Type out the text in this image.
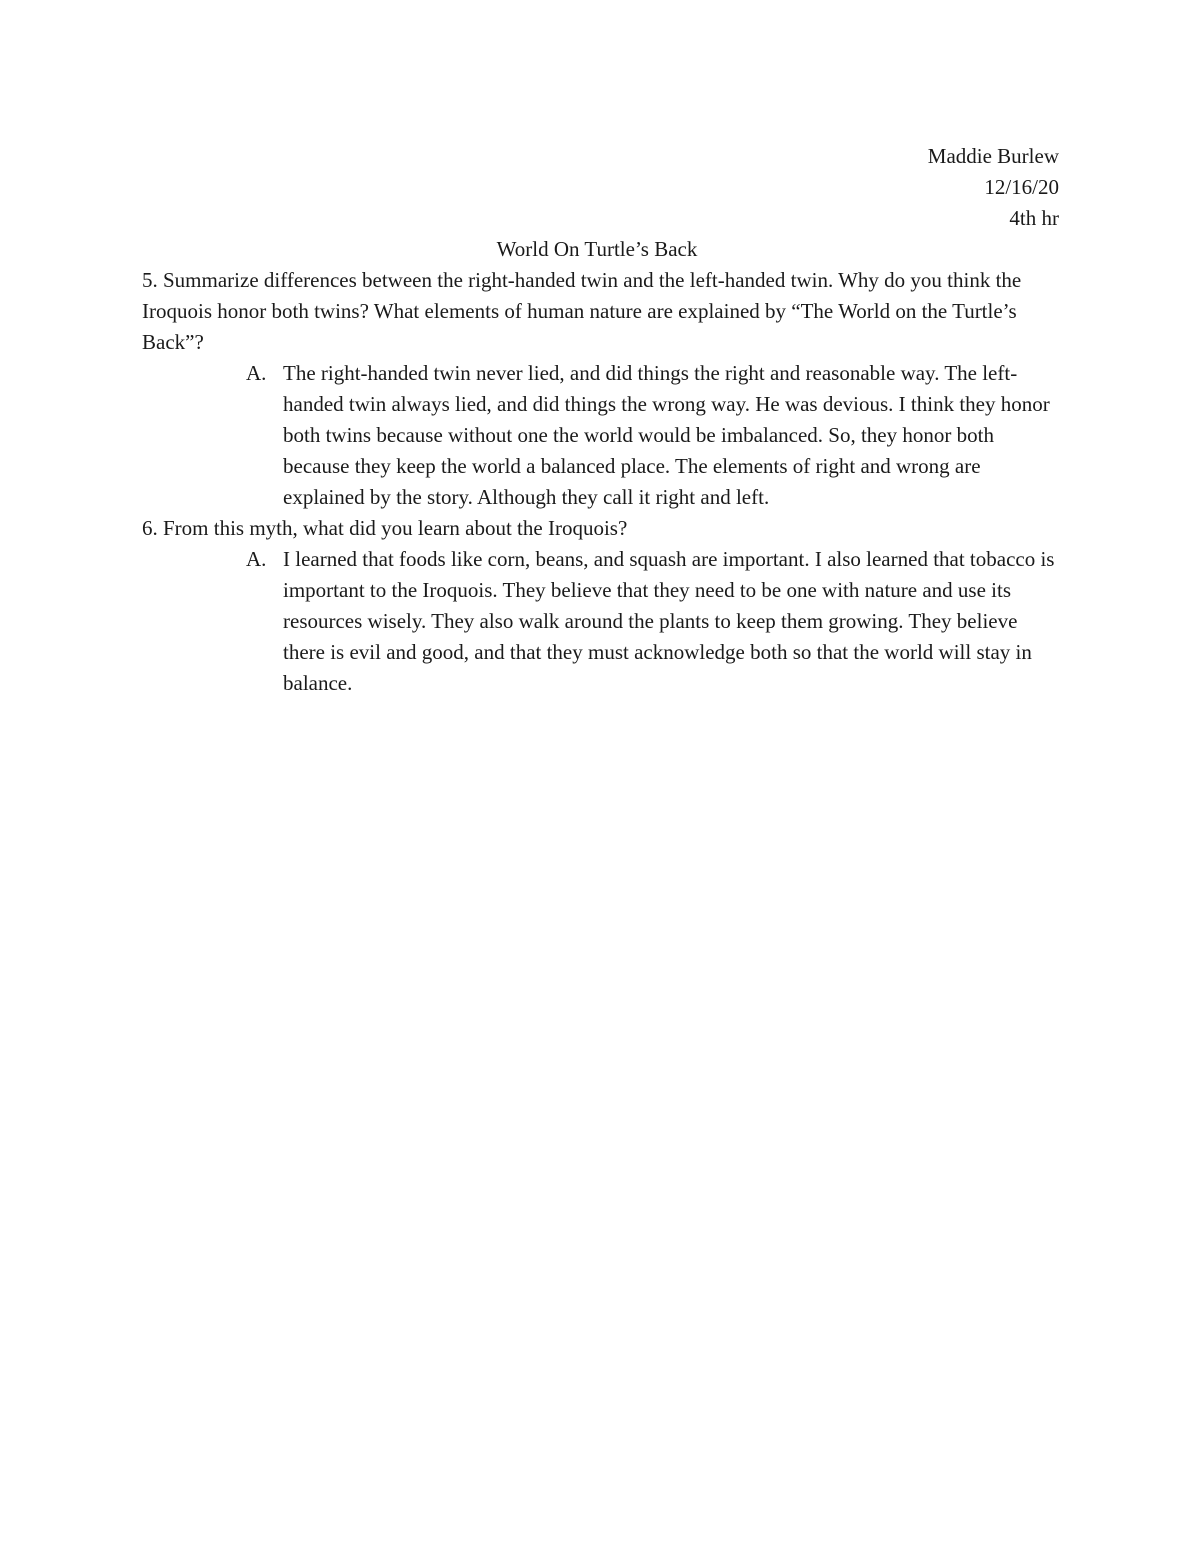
Maddie Burlew
12/16/20
4th hr
World On Turtle’s Back

5. Summarize differences between the right-handed twin and the left-handed twin. Why do you think the Iroquois honor both twins? What elements of human nature are explained by “The World on the Turtle’s Back”?

A. The right-handed twin never lied, and did things the right and reasonable way. The left-handed twin always lied, and did things the wrong way. He was devious. I think they honor both twins because without one the world would be imbalanced. So, they honor both because they keep the world a balanced place. The elements of right and wrong are explained by the story. Although they call it right and left.

6. From this myth, what did you learn about the Iroquois?

A. I learned that foods like corn, beans, and squash are important. I also learned that tobacco is important to the Iroquois. They believe that they need to be one with nature and use its resources wisely. They also walk around the plants to keep them growing. They believe there is evil and good, and that they must acknowledge both so that the world will stay in balance.
